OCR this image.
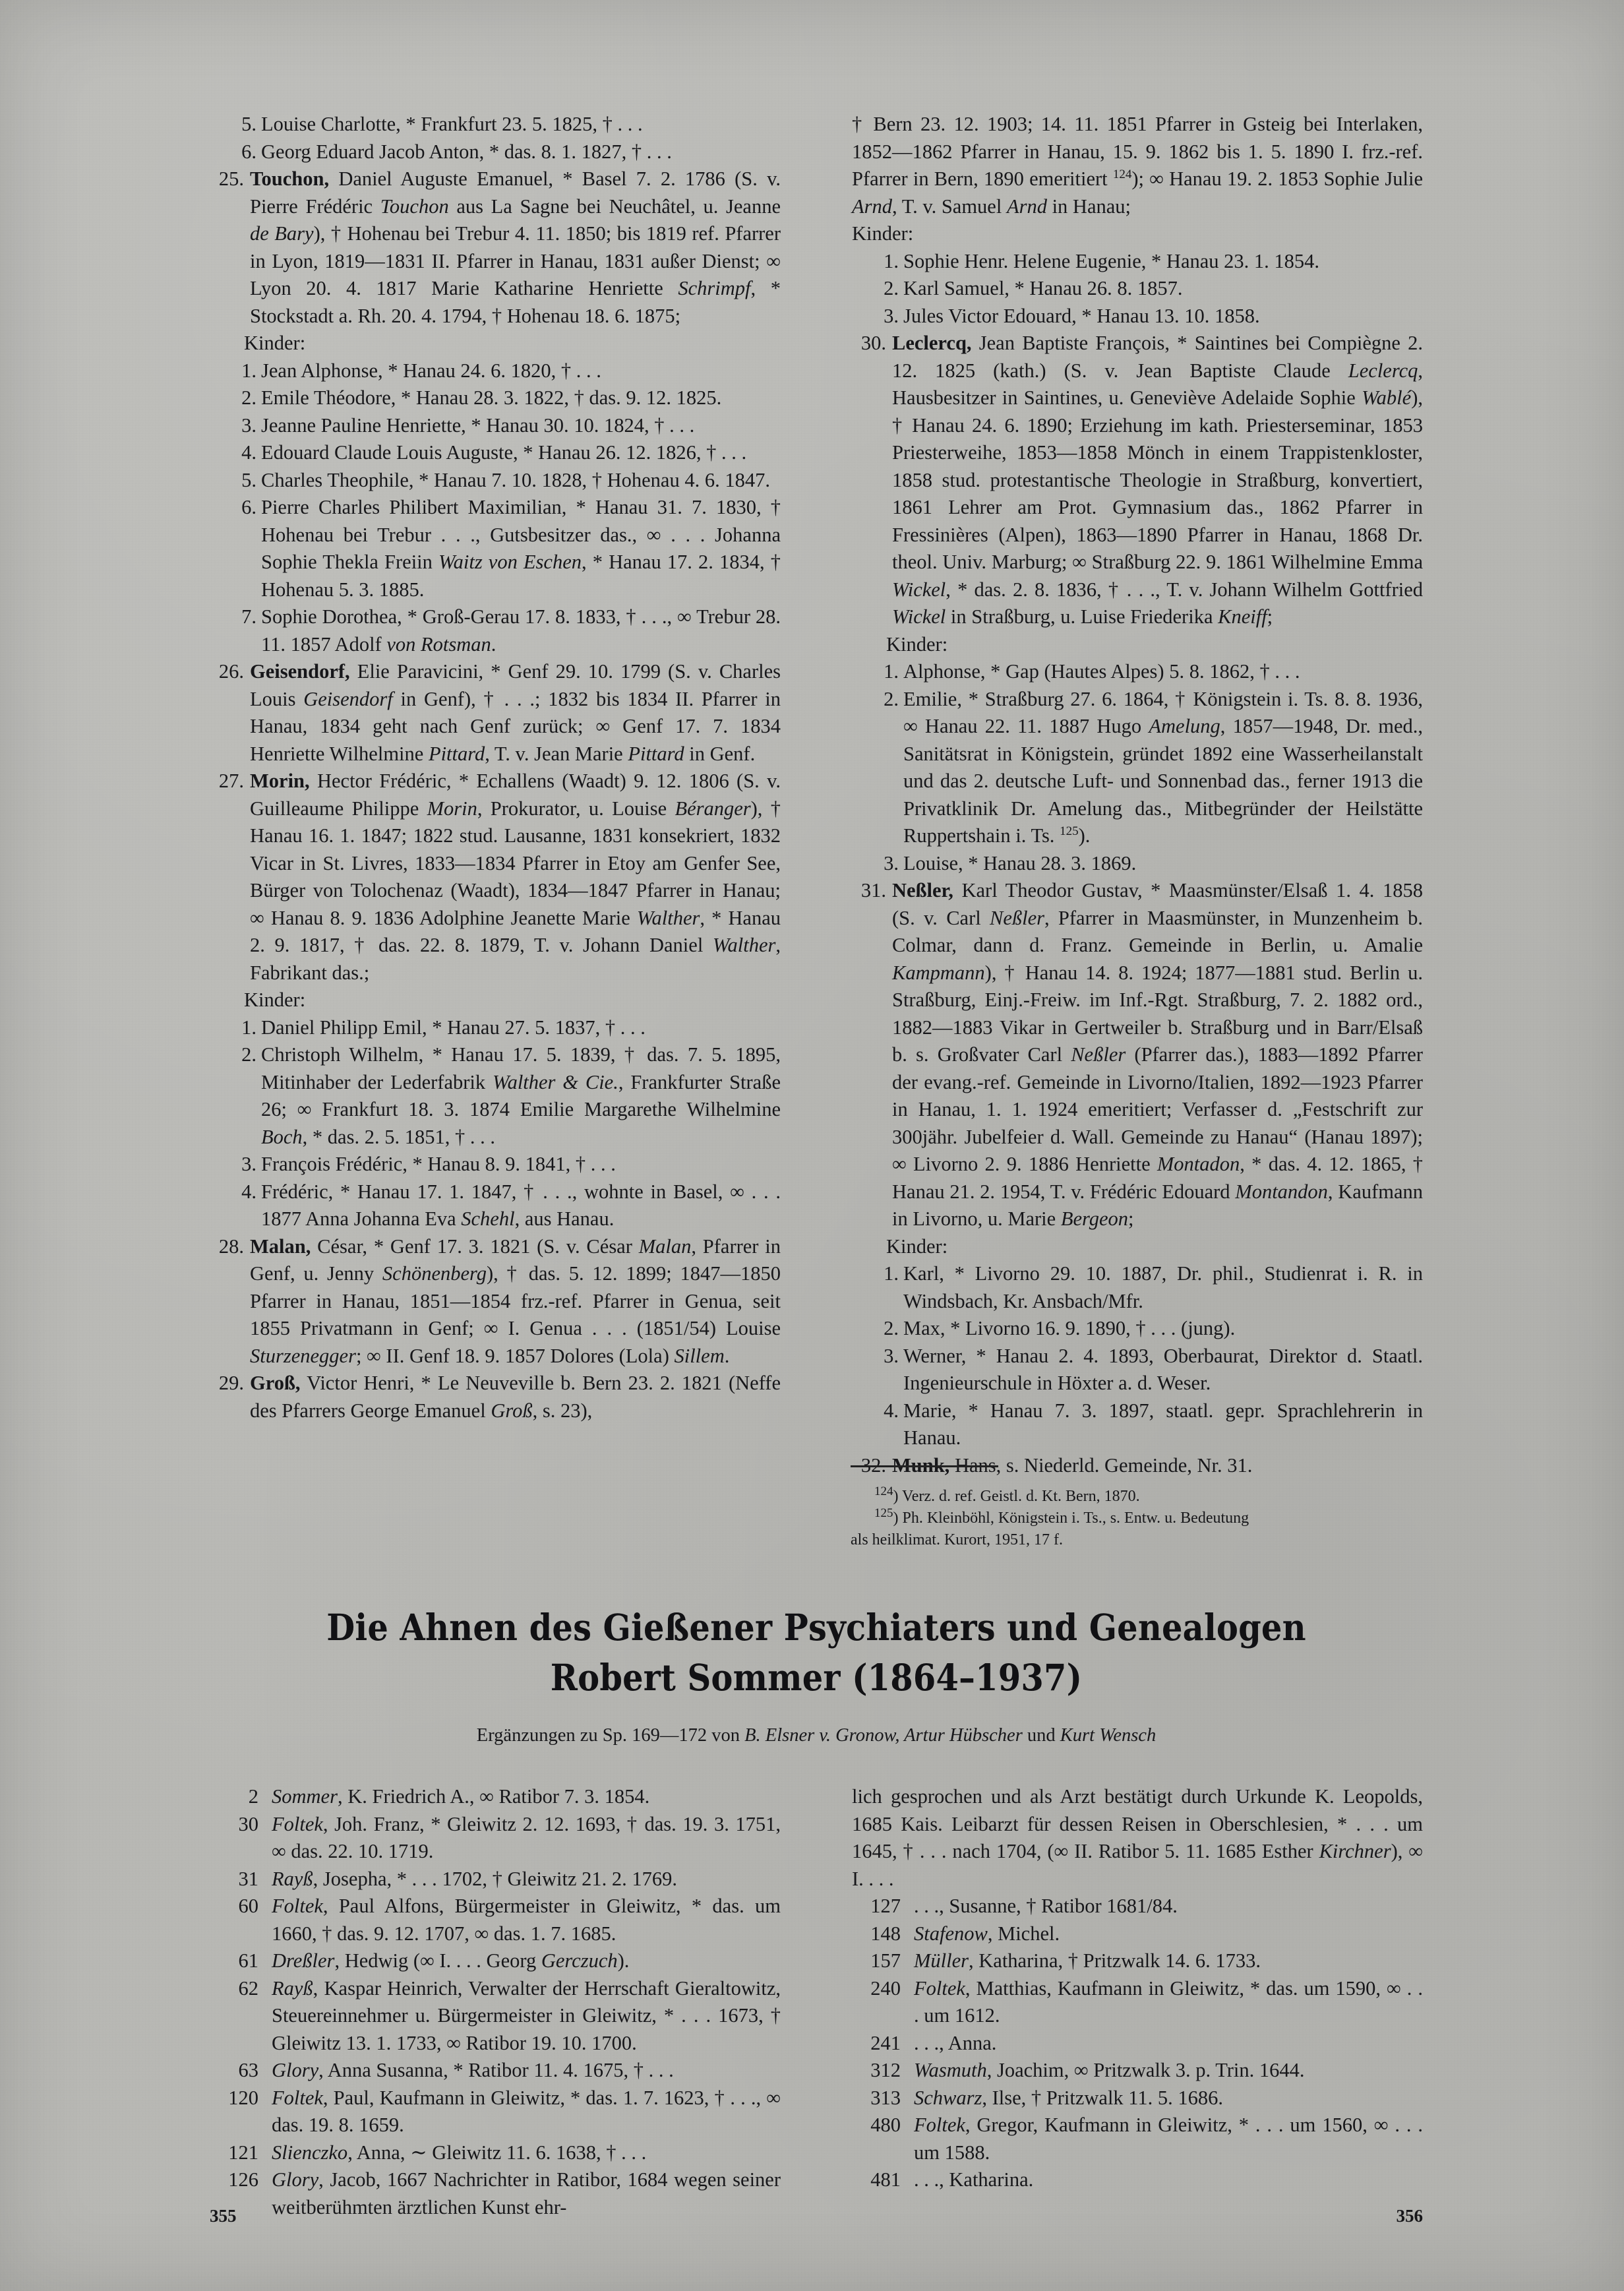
5. Louise Charlotte, * Frankfurt 23. 5. 1825, † . . .
6. Georg Eduard Jacob Anton, * das. 8. 1. 1827, † . . .
25. Touchon, Daniel Auguste Emanuel, * Basel 7. 2. 1786 (S. v. Pierre Frédéric Touchon aus La Sagne bei Neuchâtel, u. Jeanne de Bary), † Hohenau bei Trebur 4. 11. 1850; bis 1819 ref. Pfarrer in Lyon, 1819—1831 II. Pfarrer in Hanau, 1831 außer Dienst; ∞ Lyon 20. 4. 1817 Marie Katharine Henriette Schrimpf, * Stockstadt a. Rh. 20. 4. 1794, † Hohenau 18. 6. 1875;
Kinder:
1. Jean Alphonse, * Hanau 24. 6. 1820, † . . .
2. Emile Théodore, * Hanau 28. 3. 1822, † das. 9. 12. 1825.
3. Jeanne Pauline Henriette, * Hanau 30. 10. 1824, † . . .
4. Edouard Claude Louis Auguste, * Hanau 26. 12. 1826, † . . .
5. Charles Theophile, * Hanau 7. 10. 1828, † Hohenau 4. 6. 1847.
6. Pierre Charles Philibert Maximilian, * Hanau 31. 7. 1830, † Hohenau bei Trebur . . ., Gutsbesitzer das., ∞ . . . Johanna Sophie Thekla Freiin Waitz von Eschen, * Hanau 17. 2. 1834, † Hohenau 5. 3. 1885.
7. Sophie Dorothea, * Groß-Gerau 17. 8. 1833, † . . ., ∞ Trebur 28. 11. 1857 Adolf von Rotsman.
26. Geisendorf, Elie Paravicini, * Genf 29. 10. 1799 (S. v. Charles Louis Geisendorf in Genf), † . . .; 1832 bis 1834 II. Pfarrer in Hanau, 1834 geht nach Genf zurück; ∞ Genf 17. 7. 1834 Henriette Wilhelmine Pittard, T. v. Jean Marie Pittard in Genf.
27. Morin, Hector Frédéric, * Echallens (Waadt) 9. 12. 1806 (S. v. Guilleaume Philippe Morin, Prokurator, u. Louise Béranger), † Hanau 16. 1. 1847; 1822 stud. Lausanne, 1831 konsekriert, 1832 Vicar in St. Livres, 1833—1834 Pfarrer in Etoy am Genfer See, Bürger von Tolochenaz (Waadt), 1834—1847 Pfarrer in Hanau; ∞ Hanau 8. 9. 1836 Adolphine Jeanette Marie Walther, * Hanau 2. 9. 1817, † das. 22. 8. 1879, T. v. Johann Daniel Walther, Fabrikant das.;
Kinder:
1. Daniel Philipp Emil, * Hanau 27. 5. 1837, † . . .
2. Christoph Wilhelm, * Hanau 17. 5. 1839, † das. 7. 5. 1895, Mitinhaber der Lederfabrik Walther & Cie., Frankfurter Straße 26; ∞ Frankfurt 18. 3. 1874 Emilie Margarethe Wilhelmine Boch, * das. 2. 5. 1851, † . . .
3. François Frédéric, * Hanau 8. 9. 1841, † . . .
4. Frédéric, * Hanau 17. 1. 1847, † . . ., wohnte in Basel, ∞ . . . 1877 Anna Johanna Eva Schehl, aus Hanau.
28. Malan, César, * Genf 17. 3. 1821 (S. v. César Malan, Pfarrer in Genf, u. Jenny Schönenberg), † das. 5. 12. 1899; 1847—1850 Pfarrer in Hanau, 1851—1854 frz.-ref. Pfarrer in Genua, seit 1855 Privatmann in Genf; ∞ I. Genua . . . (1851/54) Louise Sturzenegger; ∞ II. Genf 18. 9. 1857 Dolores (Lola) Sillem.
29. Groß, Victor Henri, * Le Neuveville b. Bern 23. 2. 1821 (Neffe des Pfarrers George Emanuel Groß, s. 23),
† Bern 23. 12. 1903; 14. 11. 1851 Pfarrer in Gsteig bei Interlaken, 1852—1862 Pfarrer in Hanau, 15. 9. 1862 bis 1. 5. 1890 I. frz.-ref. Pfarrer in Bern, 1890 emeritiert $^{124}$); ∞ Hanau 19. 2. 1853 Sophie Julie Arnd, T. v. Samuel Arnd in Hanau;
Kinder:
1. Sophie Henr. Helene Eugenie, * Hanau 23. 1. 1854.
2. Karl Samuel, * Hanau 26. 8. 1857.
3. Jules Victor Edouard, * Hanau 13. 10. 1858.
30. Leclercq, Jean Baptiste François, * Saintines bei Compiègne 2. 12. 1825 (kath.) (S. v. Jean Baptiste Claude Leclercq, Hausbesitzer in Saintines, u. Geneviève Adelaide Sophie Wablé), † Hanau 24. 6. 1890; Erziehung im kath. Priesterseminar, 1853 Priesterweihe, 1853—1858 Mönch in einem Trappistenkloster, 1858 stud. protestantische Theologie in Straßburg, konvertiert, 1861 Lehrer am Prot. Gymnasium das., 1862 Pfarrer in Fressinières (Alpen), 1863—1890 Pfarrer in Hanau, 1868 Dr. theol. Univ. Marburg; ∞ Straßburg 22. 9. 1861 Wilhelmine Emma Wickel, * das. 2. 8. 1836, † . . ., T. v. Johann Wilhelm Gottfried Wickel in Straßburg, u. Luise Friederika Kneiff;
Kinder:
1. Alphonse, * Gap (Hautes Alpes) 5. 8. 1862, † . . .
2. Emilie, * Straßburg 27. 6. 1864, † Königstein i. Ts. 8. 8. 1936, ∞ Hanau 22. 11. 1887 Hugo Amelung, 1857—1948, Dr. med., Sanitätsrat in Königstein, gründet 1892 eine Wasserheilanstalt und das 2. deutsche Luft- und Sonnenbad das., ferner 1913 die Privatklinik Dr. Amelung das., Mitbegründer der Heilstätte Ruppertshain i. Ts. $^{125}$).
3. Louise, * Hanau 28. 3. 1869.
31. Neßler, Karl Theodor Gustav, * Maasmünster/Elsaß 1. 4. 1858 (S. v. Carl Neßler, Pfarrer in Maasmünster, in Munzenheim b. Colmar, dann d. Franz. Gemeinde in Berlin, u. Amalie Kampmann), † Hanau 14. 8. 1924; 1877—1881 stud. Berlin u. Straßburg, Einj.-Freiw. im Inf.-Rgt. Straßburg, 7. 2. 1882 ord., 1882—1883 Vikar in Gertweiler b. Straßburg und in Barr/Elsaß b. s. Großvater Carl Neßler (Pfarrer das.), 1883—1892 Pfarrer der evang.-ref. Gemeinde in Livorno/Italien, 1892—1923 Pfarrer in Hanau, 1. 1. 1924 emeritiert; Verfasser d. „Festschrift zur 300jähr. Jubelfeier d. Wall. Gemeinde zu Hanau“ (Hanau 1897); ∞ Livorno 2. 9. 1886 Henriette Montadon, * das. 4. 12. 1865, † Hanau 21. 2. 1954, T. v. Frédéric Edouard Montandon, Kaufmann in Livorno, u. Marie Bergeon;
Kinder:
1. Karl, * Livorno 29. 10. 1887, Dr. phil., Studienrat i. R. in Windsbach, Kr. Ansbach/Mfr.
2. Max, * Livorno 16. 9. 1890, † . . . (jung).
3. Werner, * Hanau 2. 4. 1893, Oberbaurat, Direktor d. Staatl. Ingenieurschule in Höxter a. d. Weser.
4. Marie, * Hanau 7. 3. 1897, staatl. gepr. Sprachlehrerin in Hanau.
32. Munk, Hans, s. Niederld. Gemeinde, Nr. 31.

$^{124}$) Verz. d. ref. Geistl. d. Kt. Bern, 1870.

$^{125}$) Ph. Kleinböhl, Königstein i. Ts., s. Entw. u. Bedeutung

als heilklimat. Kurort, 1951, 17 f.

Die Ahnen des Gießener Psychiaters und Genealogen
Robert Sommer (1864–1937)
Ergänzungen zu Sp. 169—172 von B. Elsner v. Gronow, Artur Hübscher und Kurt Wensch
2 Sommer, K. Friedrich A., ∞ Ratibor 7. 3. 1854.
30 Foltek, Joh. Franz, * Gleiwitz 2. 12. 1693, † das. 19. 3. 1751, ∞ das. 22. 10. 1719.
31 Rayß, Josepha, * . . . 1702, † Gleiwitz 21. 2. 1769.
60 Foltek, Paul Alfons, Bürgermeister in Gleiwitz, * das. um 1660, † das. 9. 12. 1707, ∞ das. 1. 7. 1685.
61 Dreßler, Hedwig (∞ I. . . . Georg Gerczuch).
62 Rayß, Kaspar Heinrich, Verwalter der Herrschaft Gieraltowitz, Steuereinnehmer u. Bürgermeister in Gleiwitz, * . . . 1673, † Gleiwitz 13. 1. 1733, ∞ Ratibor 19. 10. 1700.
63 Glory, Anna Susanna, * Ratibor 11. 4. 1675, † . . .
120 Foltek, Paul, Kaufmann in Gleiwitz, * das. 1. 7. 1623, † . . ., ∞ das. 19. 8. 1659.
121 Slienczko, Anna, ∼ Gleiwitz 11. 6. 1638, † . . .
126 Glory, Jacob, 1667 Nachrichter in Ratibor, 1684 wegen seiner weitberühmten ärztlichen Kunst ehr-
lich gesprochen und als Arzt bestätigt durch Urkunde K. Leopolds, 1685 Kais. Leibarzt für dessen Reisen in Oberschlesien, * . . . um 1645, † . . . nach 1704, (∞ II. Ratibor 5. 11. 1685 Esther Kirchner), ∞ I. . . .
127 . . ., Susanne, † Ratibor 1681/84.
148 Stafenow, Michel.
157 Müller, Katharina, † Pritzwalk 14. 6. 1733.
240 Foltek, Matthias, Kaufmann in Gleiwitz, * das. um 1590, ∞ . . . um 1612.
241 . . ., Anna.
312 Wasmuth, Joachim, ∞ Pritzwalk 3. p. Trin. 1644.
313 Schwarz, Ilse, † Pritzwalk 11. 5. 1686.
480 Foltek, Gregor, Kaufmann in Gleiwitz, * . . . um 1560, ∞ . . . um 1588.
481 . . ., Katharina.
355	356
